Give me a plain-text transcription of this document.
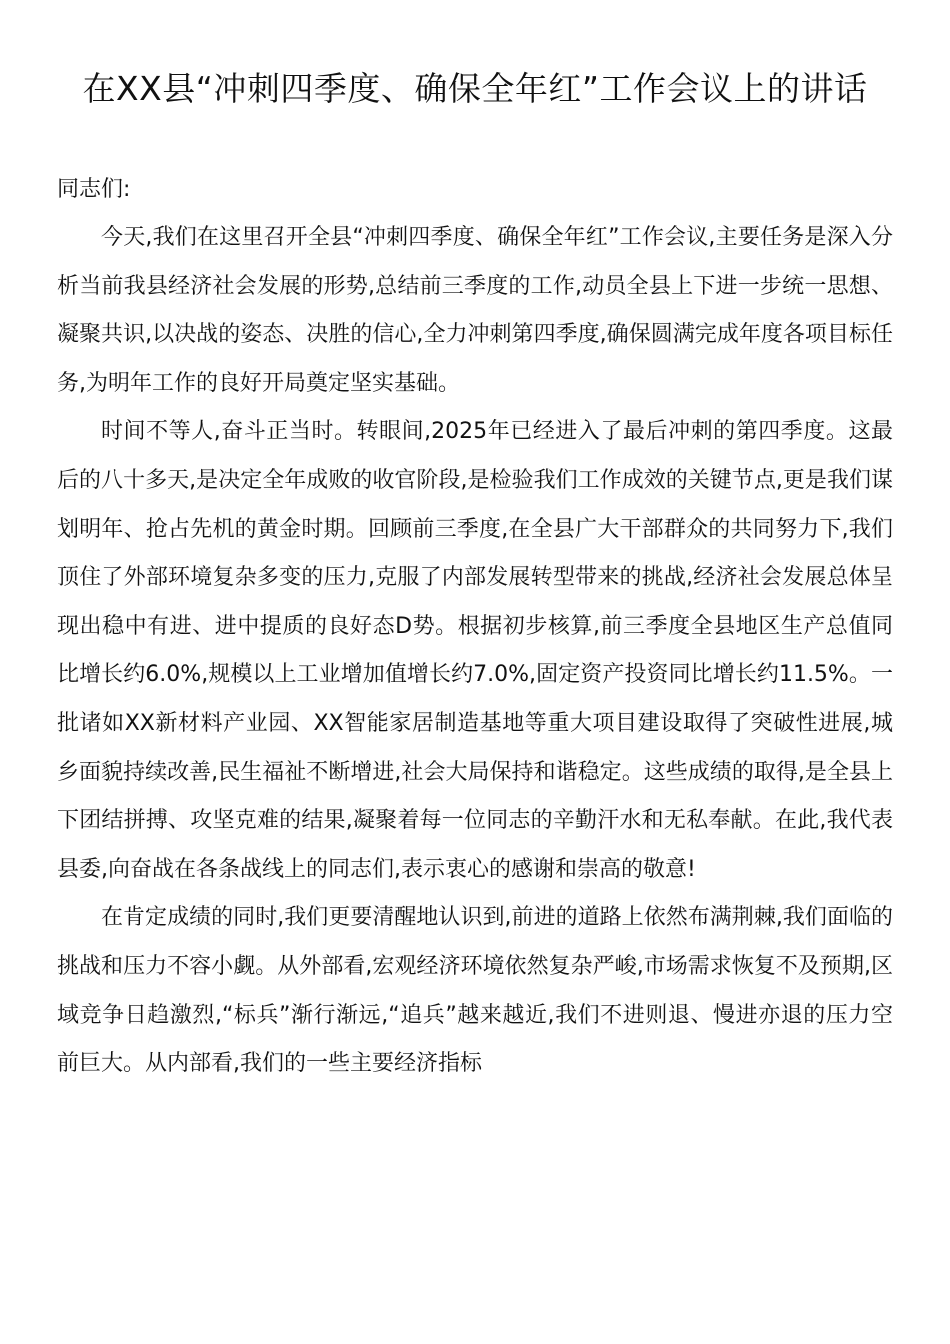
在XX县“冲刺四季度、确保全年红”工作会议上的讲话

同志们:

今天,我们在这里召开全县“冲刺四季度、确保全年红”工作会议,主要任务是深入分析当前我县经济社会发展的形势,总结前三季度的工作,动员全县上下进一步统一思想、凝聚共识,以决战的姿态、决胜的信心,全力冲刺第四季度,确保圆满完成年度各项目标任务,为明年工作的良好开局奠定坚实基础。

时间不等人,奋斗正当时。转眼间,2025年已经进入了最后冲刺的第四季度。这最后的八十多天,是决定全年成败的收官阶段,是检验我们工作成效的关键节点,更是我们谋划明年、抢占先机的黄金时期。回顾前三季度,在全县广大干部群众的共同努力下,我们顶住了外部环境复杂多变的压力,克服了内部发展转型带来的挑战,经济社会发展总体呈现出稳中有进、进中提质的良好态D势。根据初步核算,前三季度全县地区生产总值同比增长约6.0%,规模以上工业增加值增长约7.0%,固定资产投资同比增长约11.5%。一批诸如XX新材料产业园、XX智能家居制造基地等重大项目建设取得了突破性进展,城乡面貌持续改善,民生福祉不断增进,社会大局保持和谐稳定。这些成绩的取得,是全县上下团结拼搏、攻坚克难的结果,凝聚着每一位同志的辛勤汗水和无私奉献。在此,我代表县委,向奋战在各条战线上的同志们,表示衷心的感谢和崇高的敬意!

在肯定成绩的同时,我们更要清醒地认识到,前进的道路上依然布满荆棘,我们面临的挑战和压力不容小觑。从外部看,宏观经济环境依然复杂严峻,市场需求恢复不及预期,区域竞争日趋激烈,“标兵”渐行渐远,“追兵”越来越近,我们不进则退、慢进亦退的压力空前巨大。从内部看,我们的一些主要经济指标
